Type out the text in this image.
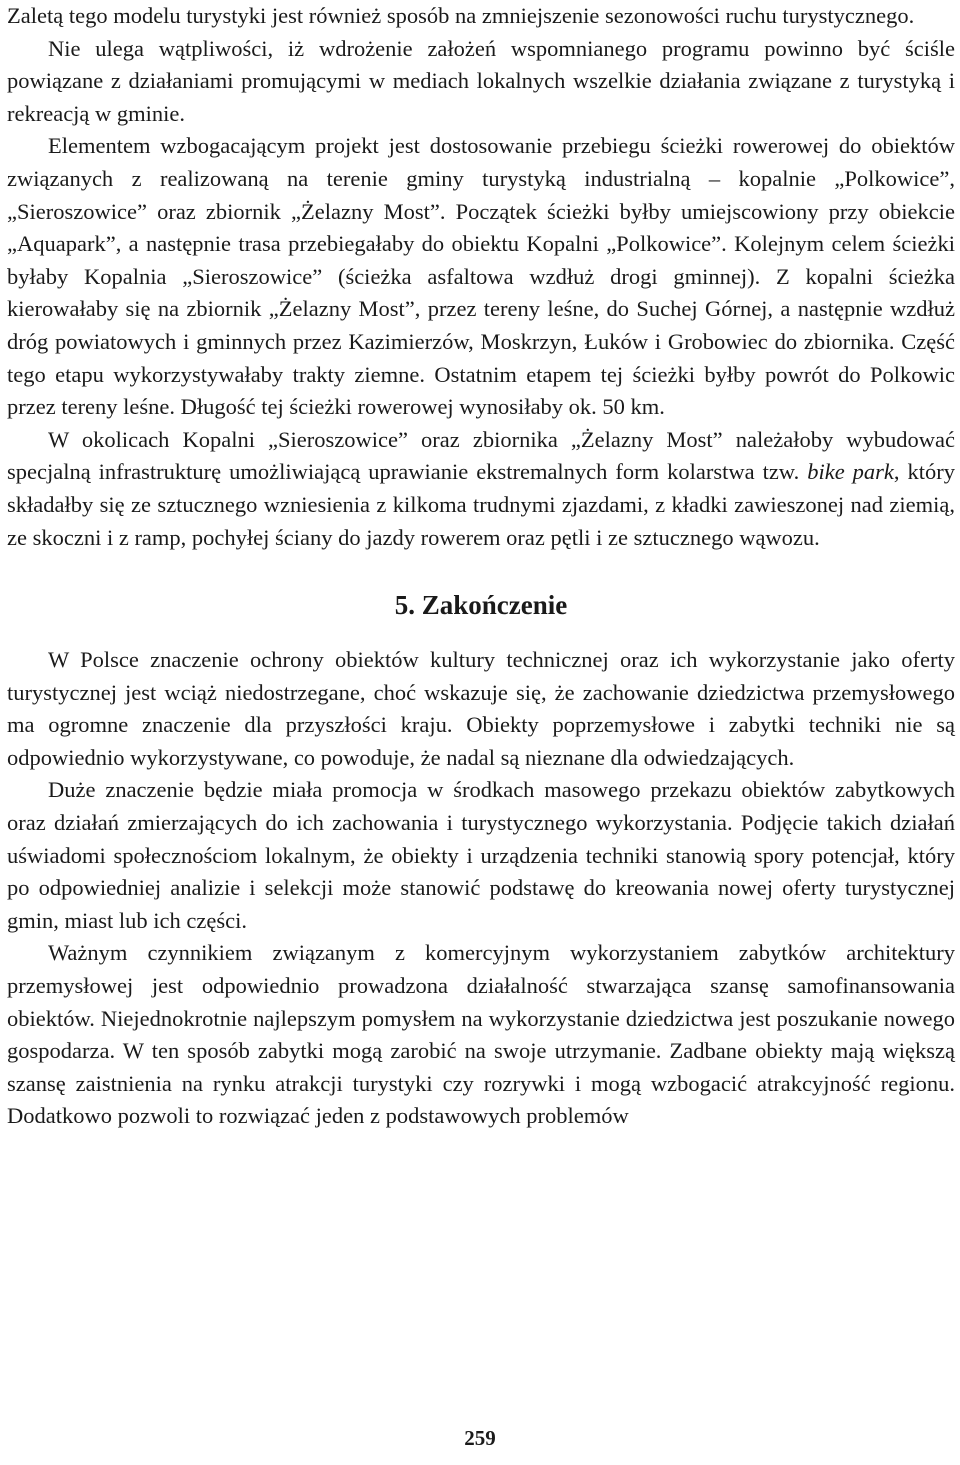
Zaletą tego modelu turystyki jest również sposób na zmniejszenie sezonowości ruchu turystycznego.

Nie ulega wątpliwości, iż wdrożenie założeń wspomnianego programu powinno być ściśle powiązane z działaniami promującymi w mediach lokalnych wszelkie działania związane z turystyką i rekreacją w gminie.

Elementem wzbogacającym projekt jest dostosowanie przebiegu ścieżki rowerowej do obiektów związanych z realizowaną na terenie gminy turystyką industrialną – kopalnie „Polkowice”, „Sieroszowice” oraz zbiornik „Żelazny Most”. Początek ścieżki byłby umiejscowiony przy obiekcie „Aquapark”, a następnie trasa przebiegałaby do obiektu Kopalni „Polkowice”. Kolejnym celem ścieżki byłaby Kopalnia „Sieroszowice” (ścieżka asfaltowa wzdłuż drogi gminnej). Z kopalni ścieżka kierowałaby się na zbiornik „Żelazny Most”, przez tereny leśne, do Suchej Górnej, a następnie wzdłuż dróg powiatowych i gminnych przez Kazimierzów, Moskrzyn, Łuków i Grobowiec do zbiornika. Część tego etapu wykorzystywałaby trakty ziemne. Ostatnim etapem tej ścieżki byłby powrót do Polkowic przez tereny leśne. Długość tej ścieżki rowerowej wynosiłaby ok. 50 km.

W okolicach Kopalni „Sieroszowice” oraz zbiornika „Żelazny Most” należałoby wybudować specjalną infrastrukturę umożliwiającą uprawianie ekstremalnych form kolarstwa tzw. bike park, który składałby się ze sztucznego wzniesienia z kilkoma trudnymi zjazdami, z kładki zawieszonej nad ziemią, ze skoczni i z ramp, pochyłej ściany do jazdy rowerem oraz pętli i ze sztucznego wąwozu.

5. Zakończenie

W Polsce znaczenie ochrony obiektów kultury technicznej oraz ich wykorzystanie jako oferty turystycznej jest wciąż niedostrzegane, choć wskazuje się, że zachowanie dziedzictwa przemysłowego ma ogromne znaczenie dla przyszłości kraju. Obiekty poprzemysłowe i zabytki techniki nie są odpowiednio wykorzystywane, co powoduje, że nadal są nieznane dla odwiedzających.

Duże znaczenie będzie miała promocja w środkach masowego przekazu obiektów zabytkowych oraz działań zmierzających do ich zachowania i turystycznego wykorzystania. Podjęcie takich działań uświadomi społecznościom lokalnym, że obiekty i urządzenia techniki stanowią spory potencjał, który po odpowiedniej analizie i selekcji może stanowić podstawę do kreowania nowej oferty turystycznej gmin, miast lub ich części.

Ważnym czynnikiem związanym z komercyjnym wykorzystaniem zabytków architektury przemysłowej jest odpowiednio prowadzona działalność stwarzająca szansę samofinansowania obiektów. Niejednokrotnie najlepszym pomysłem na wykorzystanie dziedzictwa jest poszukanie nowego gospodarza. W ten sposób zabytki mogą zarobić na swoje utrzymanie. Zadbane obiekty mają większą szansę zaistnienia na rynku atrakcji turystyki czy rozrywki i mogą wzbogacić atrakcyjność regionu. Dodatkowo pozwoli to rozwiązać jeden z podstawowych problemów

259
